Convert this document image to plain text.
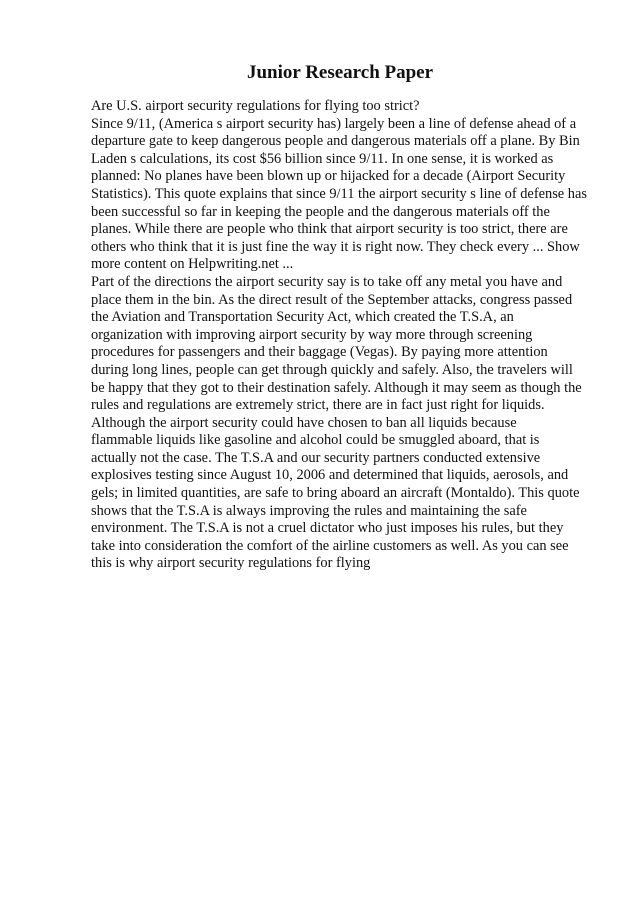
Junior Research Paper
Are U.S. airport security regulations for flying too strict?
Since 9/11, (America s airport security has) largely been a line of defense ahead of a
departure gate to keep dangerous people and dangerous materials off a plane. By Bin
Laden s calculations, its cost $56 billion since 9/11. In one sense, it is worked as
planned: No planes have been blown up or hijacked for a decade (Airport Security
Statistics). This quote explains that since 9/11 the airport security s line of defense has
been successful so far in keeping the people and the dangerous materials off the
planes. While there are people who think that airport security is too strict, there are
others who think that it is just fine the way it is right now. They check every ... Show
more content on Helpwriting.net ...
Part of the directions the airport security say is to take off any metal you have and
place them in the bin. As the direct result of the September attacks, congress passed
the Aviation and Transportation Security Act, which created the T.S.A, an
organization with improving airport security by way more through screening
procedures for passengers and their baggage (Vegas). By paying more attention
during long lines, people can get through quickly and safely. Also, the travelers will
be happy that they got to their destination safely. Although it may seem as though the
rules and regulations are extremely strict, there are in fact just right for liquids.
Although the airport security could have chosen to ban all liquids because
flammable liquids like gasoline and alcohol could be smuggled aboard, that is
actually not the case. The T.S.A and our security partners conducted extensive
explosives testing since August 10, 2006 and determined that liquids, aerosols, and
gels; in limited quantities, are safe to bring aboard an aircraft (Montaldo). This quote
shows that the T.S.A is always improving the rules and maintaining the safe
environment. The T.S.A is not a cruel dictator who just imposes his rules, but they
take into consideration the comfort of the airline customers as well. As you can see
this is why airport security regulations for flying
